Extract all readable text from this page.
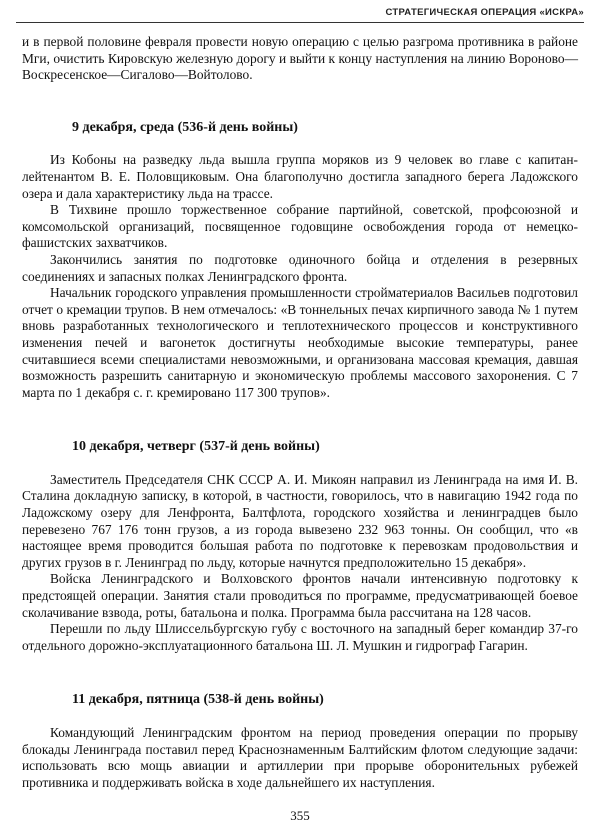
СТРАТЕГИЧЕСКАЯ ОПЕРАЦИЯ «ИСКРА»

и в первой половине февраля провести новую операцию с целью разгрома противника в районе Мги, очистить Кировскую железную дорогу и выйти к концу наступления на линию Вороново—Воскресенское—Сигалово—Войтолово.

9 декабря, среда (536-й день войны)

Из Кобоны на разведку льда вышла группа моряков из 9 человек во главе с капитан-лейтенантом В. Е. Половщиковым. Она благополучно достигла западного берега Ладожского озера и дала характеристику льда на трассе.

В Тихвине прошло торжественное собрание партийной, советской, профсоюзной и комсомольской организаций, посвященное годовщине освобождения города от немецко-фашистских захватчиков.

Закончились занятия по подготовке одиночного бойца и отделения в резервных соединениях и запасных полках Ленинградского фронта.

Начальник городского управления промышленности стройматериалов Васильев подготовил отчет о кремации трупов. В нем отмечалось: «В тоннельных печах кирпичного завода № 1 путем вновь разработанных технологического и теплотехнического процессов и конструктивного изменения печей и вагонеток достигнуты необходимые высокие температуры, ранее считавшиеся всеми специалистами невозможными, и организована массовая кремация, давшая возможность разрешить санитарную и экономическую проблемы массового захоронения. С 7 марта по 1 декабря с. г. кремировано 117 300 трупов».

10 декабря, четверг (537-й день войны)

Заместитель Председателя СНК СССР А. И. Микоян направил из Ленинграда на имя И. В. Сталина докладную записку, в которой, в частности, говорилось, что в навигацию 1942 года по Ладожскому озеру для Ленфронта, Балтфлота, городского хозяйства и ленинградцев было перевезено 767 176 тонн грузов, а из города вывезено 232 963 тонны. Он сообщил, что «в настоящее время проводится большая работа по подготовке к перевозкам продовольствия и других грузов в г. Ленинград по льду, которые начнутся предположительно 15 декабря».

Войска Ленинградского и Волховского фронтов начали интенсивную подготовку к предстоящей операции. Занятия стали проводиться по программе, предусматривающей боевое сколачивание взвода, роты, батальона и полка. Программа была рассчитана на 128 часов.

Перешли по льду Шлиссельбургскую губу с восточного на западный берег командир 37-го отдельного дорожно-эксплуатационного батальона Ш. Л. Мушкин и гидрограф Гагарин.

11 декабря, пятница (538-й день войны)

Командующий Ленинградским фронтом на период проведения операции по прорыву блокады Ленинграда поставил перед Краснознаменным Балтийским флотом следующие задачи: использовать всю мощь авиации и артиллерии при прорыве оборонительных рубежей противника и поддерживать войска в ходе дальнейшего их наступления.

355
